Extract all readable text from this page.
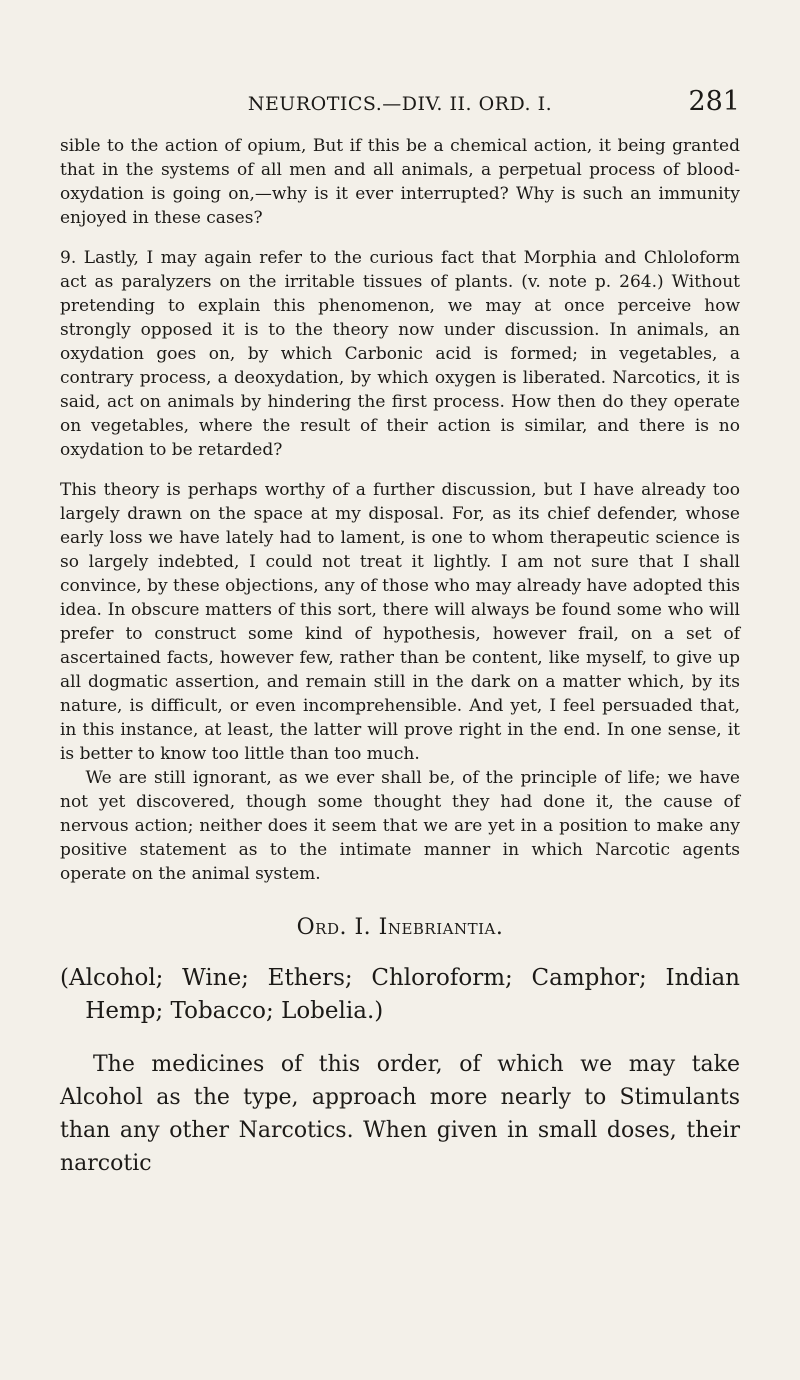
NEUROTICS.—DIV. II. ORD. I.	281

sible to the action of opium, But if this be a chemical action, it being granted that in the systems of all men and all animals, a perpetual process of blood-oxydation is going on,—why is it ever interrupted? Why is such an immunity enjoyed in these cases?

9. Lastly, I may again refer to the curious fact that Morphia and Chloloform act as paralyzers on the irritable tissues of plants. (v. note p. 264.) Without pretending to explain this phenomenon, we may at once perceive how strongly opposed it is to the theory now under discussion. In animals, an oxydation goes on, by which Carbonic acid is formed; in vegetables, a contrary process, a deoxydation, by which oxygen is liberated. Narcotics, it is said, act on animals by hindering the first process. How then do they operate on vegetables, where the result of their action is similar, and there is no oxydation to be retarded?

This theory is perhaps worthy of a further discussion, but I have already too largely drawn on the space at my disposal. For, as its chief defender, whose early loss we have lately had to lament, is one to whom therapeutic science is so largely indebted, I could not treat it lightly. I am not sure that I shall convince, by these objections, any of those who may already have adopted this idea. In obscure matters of this sort, there will always be found some who will prefer to construct some kind of hypothesis, however frail, on a set of ascertained facts, however few, rather than be content, like myself, to give up all dogmatic assertion, and remain still in the dark on a matter which, by its nature, is difficult, or even incomprehensible. And yet, I feel persuaded that, in this instance, at least, the latter will prove right in the end. In one sense, it is better to know too little than too much.

We are still ignorant, as we ever shall be, of the principle of life; we have not yet discovered, though some thought they had done it, the cause of nervous action; neither does it seem that we are yet in a position to make any positive statement as to the intimate manner in which Narcotic agents operate on the animal system.

Ord. I. Inebriantia.

(Alcohol; Wine; Ethers; Chloroform; Camphor; Indian Hemp; Tobacco; Lobelia.)

The medicines of this order, of which we may take Alcohol as the type, approach more nearly to Stimulants than any other Narcotics. When given in small doses, their narcotic
